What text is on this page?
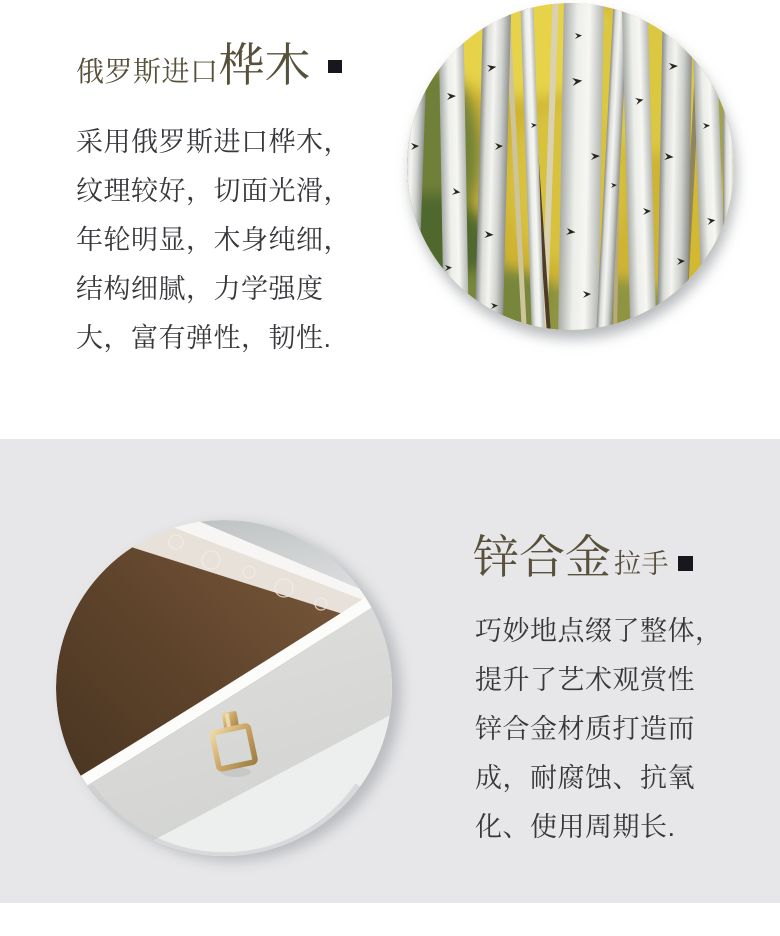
俄罗斯进口桦木
采用俄罗斯进口桦木，
纹理较好，切面光滑，
年轮明显，木身纯细，
结构细腻，力学强度
大，富有弹性，韧性.
锌合金 拉手
巧妙地点缀了整体，
提升了艺术观赏性
锌合金材质打造而
成，耐腐蚀、抗氧
化、使用周期长.
